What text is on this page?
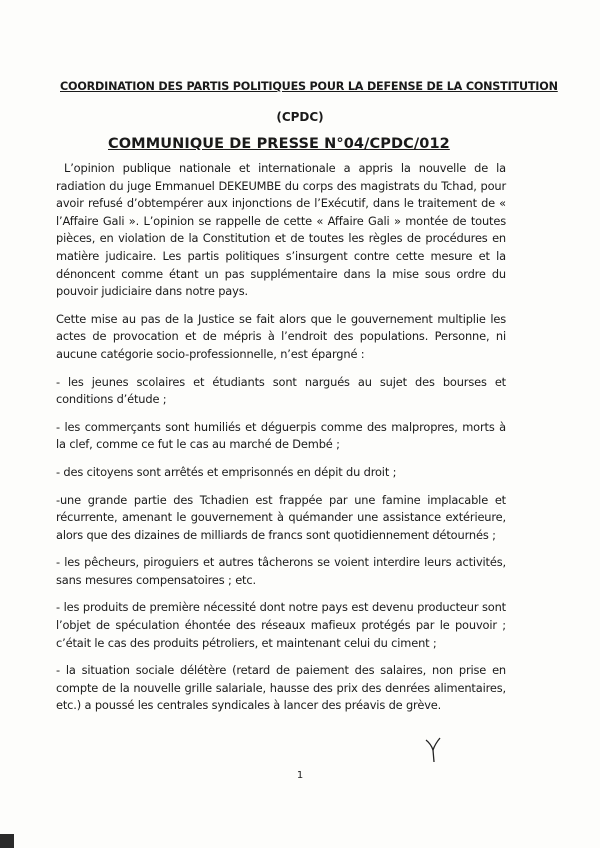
COORDINATION DES PARTIS POLITIQUES POUR LA DEFENSE DE LA CONSTITUTION
(CPDC)
COMMUNIQUE DE PRESSE N°04/CPDC/012

L’opinion publique nationale et internationale a appris la nouvelle de la radiation du juge Emmanuel DEKEUMBE du corps des magistrats du Tchad, pour avoir refusé d’obtempérer aux injonctions de l’Exécutif, dans le traitement de « l’Affaire Gali ». L’opinion se rappelle de cette « Affaire Gali » montée de toutes pièces, en violation de la Constitution et de toutes les règles de procédures en matière judicaire. Les partis politiques s’insurgent contre cette mesure et la dénoncent comme étant un pas supplémentaire dans la mise sous ordre du pouvoir judiciaire dans notre pays.

Cette mise au pas de la Justice se fait alors que le gouvernement multiplie les actes de provocation et de mépris à l’endroit des populations. Personne, ni aucune catégorie socio-professionnelle, n’est épargné :

- les jeunes scolaires et étudiants sont nargués au sujet des bourses et conditions d’étude ;

- les commerçants sont humiliés et déguerpis comme des malpropres, morts à la clef, comme ce fut le cas au marché de Dembé ;

- des citoyens sont arrêtés et emprisonnés en dépit du droit ;

-une grande partie des Tchadien est frappée par une famine implacable et récurrente, amenant le gouvernement à quémander une assistance extérieure, alors que des dizaines de milliards de francs sont quotidiennement détournés ;

- les pêcheurs, piroguiers et autres tâcherons se voient interdire leurs activités, sans mesures compensatoires ; etc.

- les produits de première nécessité dont notre pays est devenu producteur sont l’objet de spéculation éhontée des réseaux mafieux protégés par le pouvoir ; c’était le cas des produits pétroliers, et maintenant celui du ciment ;

- la situation sociale délétère (retard de paiement des salaires, non prise en compte de la nouvelle grille salariale, hausse des prix des denrées alimentaires, etc.) a poussé les centrales syndicales à lancer des préavis de grève.

1
